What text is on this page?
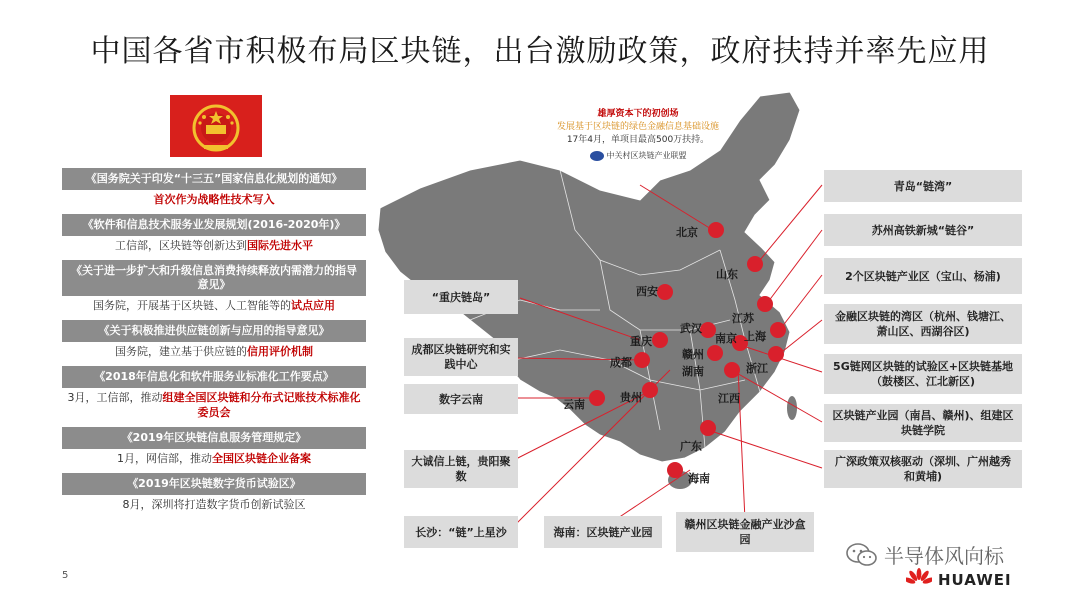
中国各省市积极布局区块链，出台激励政策，政府扶持并率先应用
《国务院关于印发“十三五”国家信息化规划的通知》
首次作为战略性技术写入
《软件和信息技术服务业发展规划(2016-2020年)》
工信部，区块链等创新达到国际先进水平
《关于进一步扩大和升级信息消费持续释放内需潜力的指导意见》
国务院，开展基于区块链、人工智能等的试点应用
《关于积极推进供应链创新与应用的指导意见》
国务院，建立基于供应链的信用评价机制
《2018年信息化和软件服务业标准化工作要点》
3月，工信部，推动组建全国区块链和分布式记账技术标准化委员会
《2019年区块链信息服务管理规定》
1月，网信部，推动全国区块链企业备案
《2019年区块链数字货币试验区》
8月，深圳将打造数字货币创新试验区
5
北京
山东
西安
江苏
武汉
重庆	南京 上海
成都
赣州
浙江
湖南
贵州
云南	江西
广东
海南
雄厚资本下的初创场
发展基于区块链的绿色金融信息基础设施
17年4月，单项目最高500万扶持。
中关村区块链产业联盟
“重庆链岛”
成都区块链研究和实践中心
数字云南
大诚信上链，贵阳聚数
长沙：“链”上星沙	海南：区块链产业园
赣州区块链金融产业沙盒园
青岛“链湾”
苏州高铁新城“链谷”
2个区块链产业区（宝山、杨浦)
金融区块链的湾区（杭州、钱塘江、萧山区、西湖谷区)
5G链网区块链的试验区+区块链基地（鼓楼区、江北新区)
区块链产业园（南昌、赣州)、组建区块链学院
广深政策双核驱动（深圳、广州越秀和黄埔)
半导体风向标
HUAWEI
